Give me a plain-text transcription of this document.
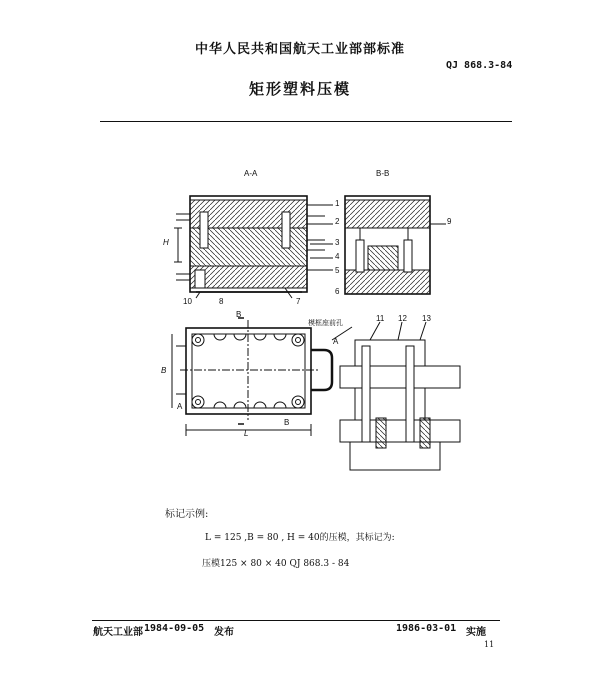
中华人民共和国航天工业部部标准
QJ 868.3-84
矩形塑料压模
A-A	B-B
1
2
3
4
5
6
7
8
9
10
11 12 13
H
B
L
B
B
A
A
模框座前孔
标记示例:
L = 125 ,B = 80 , H = 40的压模，其标记为:
压模125 × 80 × 40 QJ 868.3 - 84
航天工业部 1984-09-05 发布	1986-03-01 实施
11
